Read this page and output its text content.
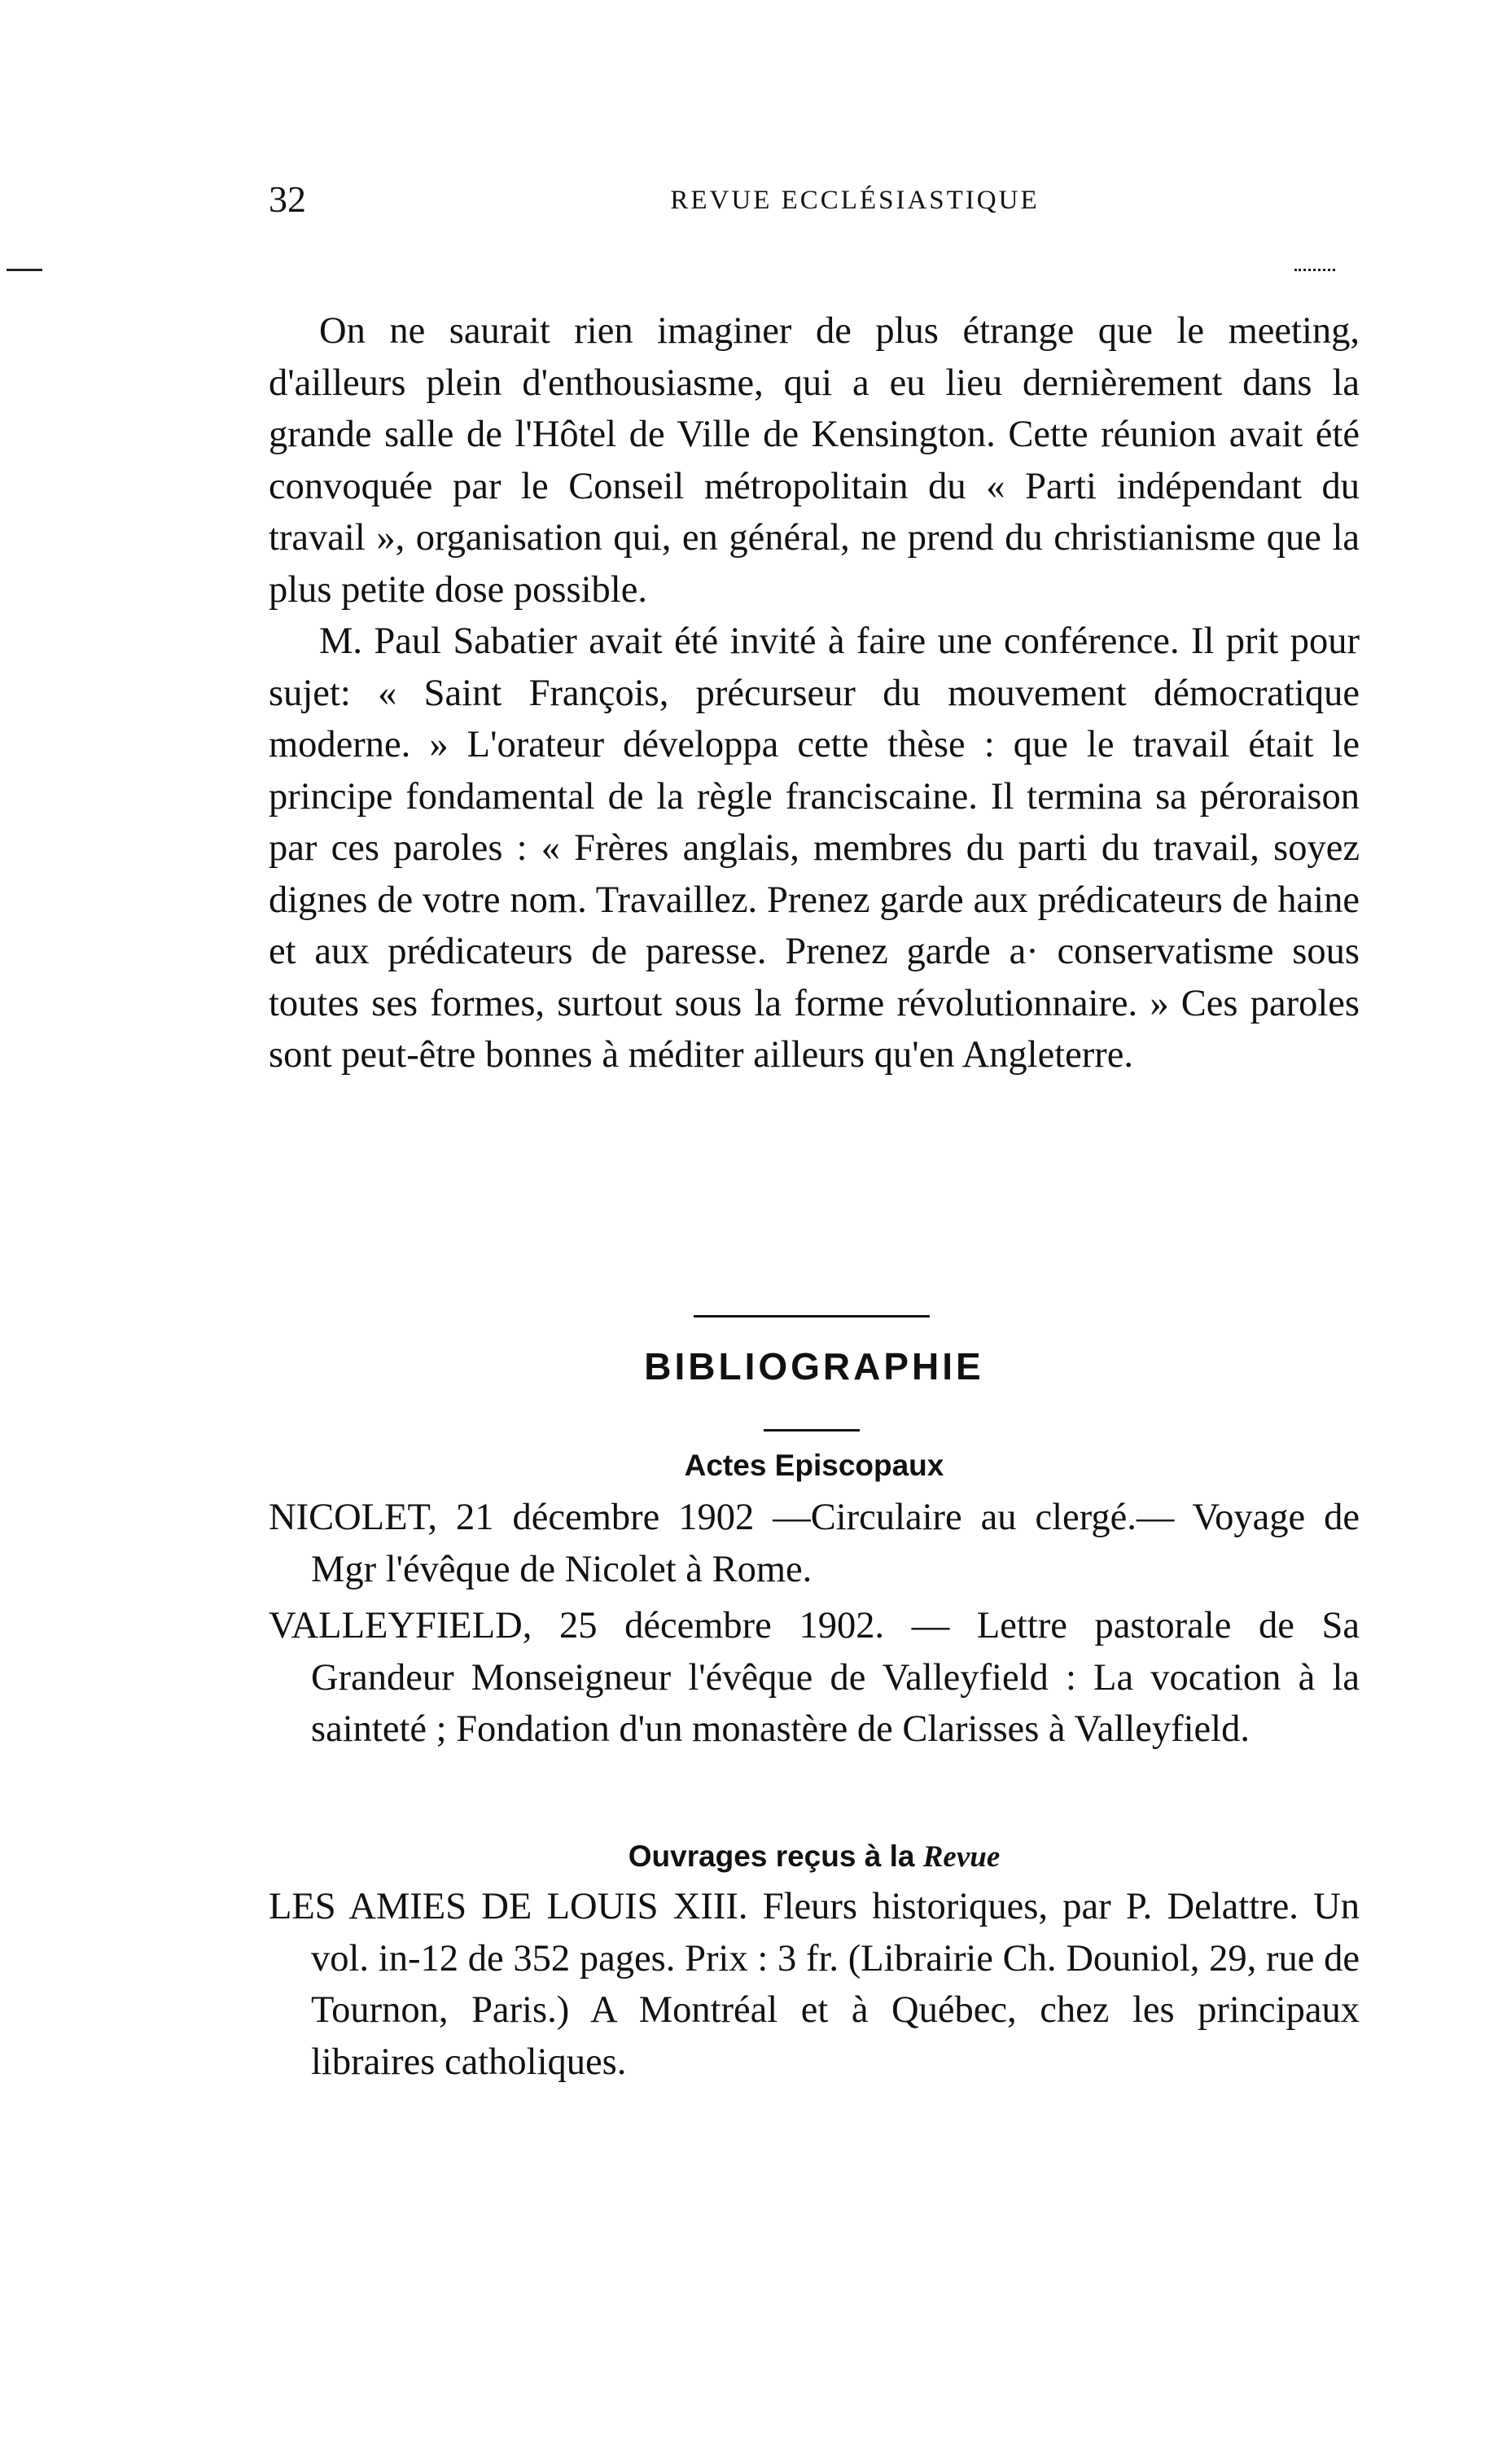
32	REVUE ECCLÉSIASTIQUE

On ne saurait rien imaginer de plus étrange que le meeting, d'ailleurs plein d'enthousiasme, qui a eu lieu dernièrement dans la grande salle de l'Hôtel de Ville de Kensington. Cette réunion avait été convoquée par le Conseil métropolitain du « Parti indépendant du travail », organisation qui, en général, ne prend du christianisme que la plus petite dose possible.

M. Paul Sabatier avait été invité à faire une conférence. Il prit pour sujet: « Saint François, précurseur du mouvement démocratique moderne. » L'orateur développa cette thèse : que le travail était le principe fondamental de la règle franciscaine. Il termina sa péroraison par ces paroles : « Frères anglais, membres du parti du travail, soyez dignes de votre nom. Travaillez. Prenez garde aux prédicateurs de haine et aux prédicateurs de paresse. Prenez garde a· conservatisme sous toutes ses formes, surtout sous la forme révolutionnaire. » Ces paroles sont peut-être bonnes à méditer ailleurs qu'en Angleterre.

BIBLIOGRAPHIE
Actes Episcopaux

NICOLET, 21 décembre 1902 —Circulaire au clergé.— Voyage de Mgr l'évêque de Nicolet à Rome.

VALLEYFIELD, 25 décembre 1902. — Lettre pastorale de Sa Grandeur Monseigneur l'évêque de Valleyfield : La vocation à la sainteté ; Fondation d'un monastère de Clarisses à Valleyfield.

Ouvrages reçus à la Revue

LES AMIES DE LOUIS XIII. Fleurs historiques, par P. Delattre. Un vol. in-12 de 352 pages. Prix : 3 fr. (Librairie Ch. Douniol, 29, rue de Tournon, Paris.) A Montréal et à Québec, chez les principaux libraires catholiques.
